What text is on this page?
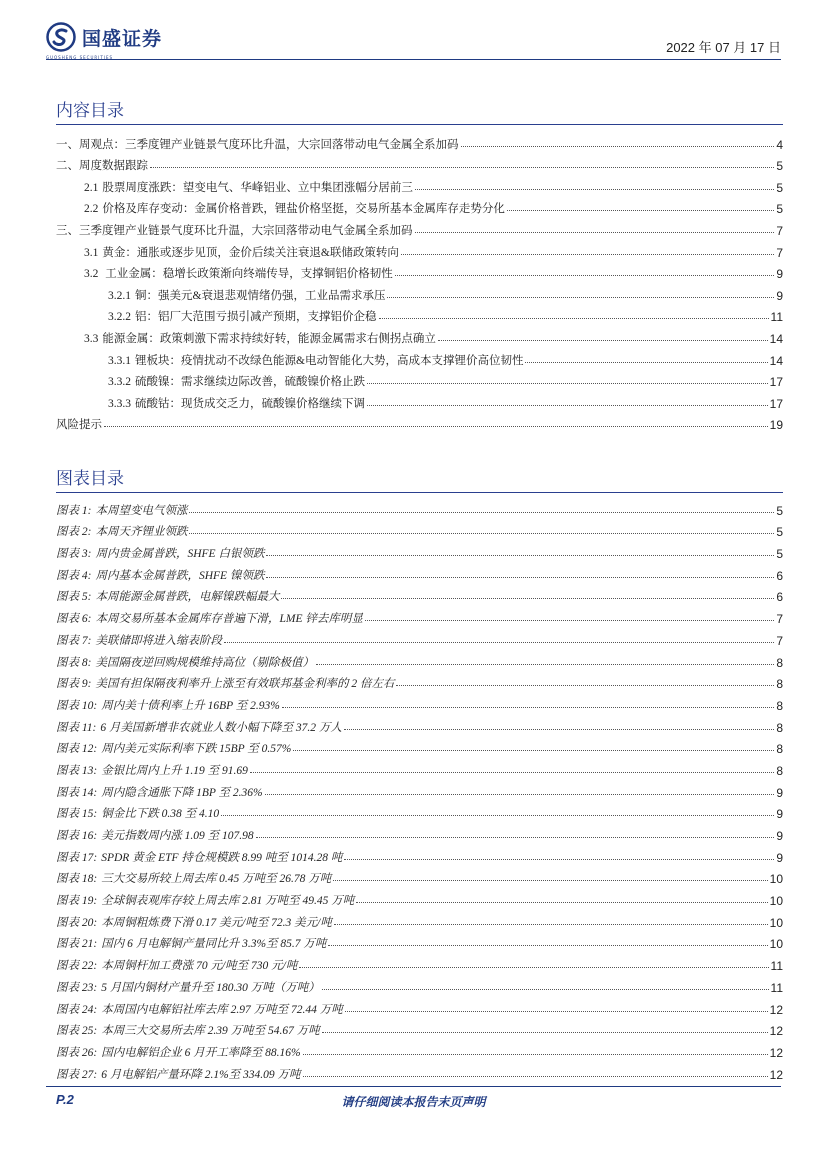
国盛证券
GUOSHENG SECURITIES
2022 年 07 月 17 日
内容目录
一、周观点：三季度锂产业链景气度环比升温，大宗回落带动电气金属全系加码	4
二、周度数据跟踪	5
2.1 股票周度涨跌：望变电气、华峰铝业、立中集团涨幅分居前三	5
2.2 价格及库存变动：金属价格普跌，锂盐价格坚挺，交易所基本金属库存走势分化	5
三、三季度锂产业链景气度环比升温，大宗回落带动电气金属全系加码	7
3.1 黄金：通胀或逐步见顶，金价后续关注衰退&联储政策转向	7
3.2 工业金属：稳增长政策渐向终端传导，支撑铜铝价格韧性	9
3.2.1 铜：强美元&衰退悲观情绪仍强，工业品需求承压	9
3.2.2 铝：铝厂大范围亏损引减产预期，支撑铝价企稳	11
3.3 能源金属：政策刺激下需求持续好转，能源金属需求右侧拐点确立	14
3.3.1 锂板块：疫情扰动不改绿色能源&电动智能化大势，高成本支撑锂价高位韧性	14
3.3.2 硫酸镍：需求继续边际改善，硫酸镍价格止跌	17
3.3.3 硫酸钴：现货成交乏力，硫酸镍价格继续下调	17
风险提示	19
图表目录
图表 1: 本周望变电气领涨	5
图表 2: 本周天齐锂业领跌	5
图表 3: 周内贵金属普跌，SHFE 白银领跌	5
图表 4: 周内基本金属普跌，SHFE 镍领跌	6
图表 5: 本周能源金属普跌，电解镍跌幅最大	6
图表 6: 本周交易所基本金属库存普遍下滑，LME 锌去库明显	7
图表 7: 美联储即将进入缩表阶段	7
图表 8: 美国隔夜逆回购规模维持高位（剔除极值）	8
图表 9: 美国有担保隔夜利率升上涨至有效联邦基金利率的 2 倍左右	8
图表 10: 周内美十债利率上升 16BP 至 2.93%	8
图表 11: 6 月美国新增非农就业人数小幅下降至 37.2 万人	8
图表 12: 周内美元实际利率下跌 15BP 至 0.57%	8
图表 13: 金银比周内上升 1.19 至 91.69	8
图表 14: 周内隐含通胀下降 1BP 至 2.36%	9
图表 15: 铜金比下跌 0.38 至 4.10	9
图表 16: 美元指数周内涨 1.09 至 107.98	9
图表 17: SPDR 黄金 ETF 持仓规模跌 8.99 吨至 1014.28 吨	9
图表 18: 三大交易所较上周去库 0.45 万吨至 26.78 万吨	10
图表 19: 全球铜表观库存较上周去库 2.81 万吨至 49.45 万吨	10
图表 20: 本周铜粗炼费下滑 0.17 美元/吨至 72.3 美元/吨	10
图表 21: 国内 6 月电解铜产量同比升 3.3%至 85.7 万吨	10
图表 22: 本周铜杆加工费涨 70 元/吨至 730 元/吨	11
图表 23: 5 月国内铜材产量升至 180.30 万吨（万吨）	11
图表 24: 本周国内电解铝社库去库 2.97 万吨至 72.44 万吨	12
图表 25: 本周三大交易所去库 2.39 万吨至 54.67 万吨	12
图表 26: 国内电解铝企业 6 月开工率降至 88.16%	12
图表 27: 6 月电解铝产量环降 2.1%至 334.09 万吨	12
P.2	请仔细阅读本报告末页声明
